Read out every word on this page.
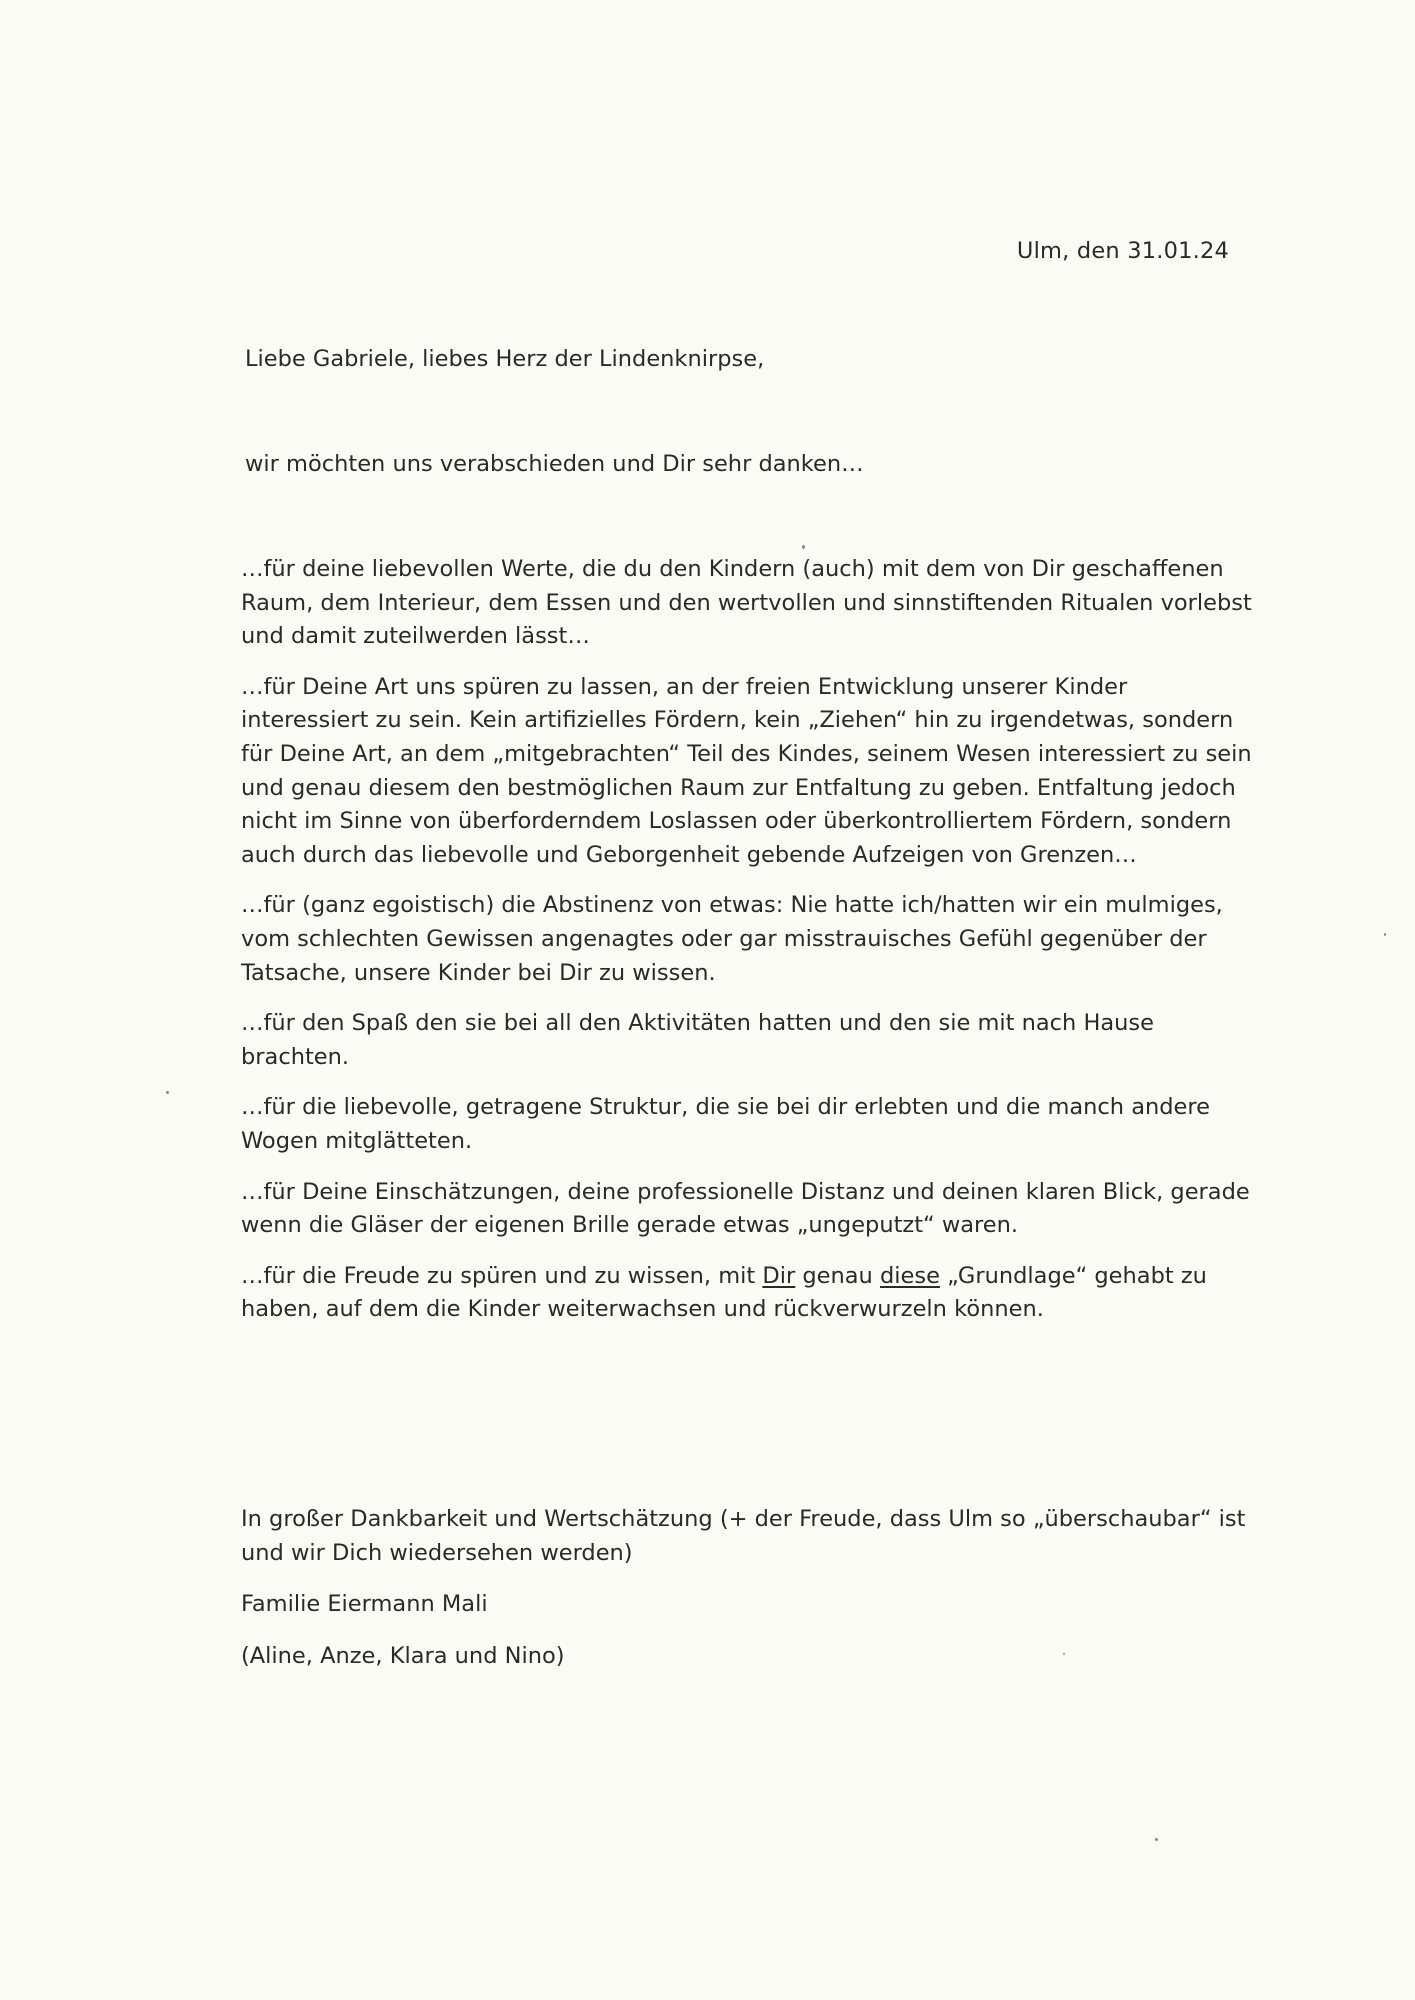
Ulm, den 31.01.24
Liebe Gabriele, liebes Herz der Lindenknirpse,
wir möchten uns verabschieden und Dir sehr danken…

…für deine liebevollen Werte, die du den Kindern (auch) mit dem von Dir geschaffenen Raum, dem Interieur, dem Essen und den wertvollen und sinnstiftenden Ritualen vorlebst und damit zuteilwerden lässt…

…für Deine Art uns spüren zu lassen, an der freien Entwicklung unserer Kinder interessiert zu sein. Kein artifizielles Fördern, kein „Ziehen“ hin zu irgendetwas, sondern für Deine Art, an dem „mitgebrachten“ Teil des Kindes, seinem Wesen interessiert zu sein und genau diesem den bestmöglichen Raum zur Entfaltung zu geben. Entfaltung jedoch nicht im Sinne von überforderndem Loslassen oder überkontrolliertem Fördern, sondern auch durch das liebevolle und Geborgenheit gebende Aufzeigen von Grenzen…

…für (ganz egoistisch) die Abstinenz von etwas: Nie hatte ich/hatten wir ein mulmiges, vom schlechten Gewissen angenagtes oder gar misstrauisches Gefühl gegenüber der Tatsache, unsere Kinder bei Dir zu wissen.

…für den Spaß den sie bei all den Aktivitäten hatten und den sie mit nach Hause brachten.

…für die liebevolle, getragene Struktur, die sie bei dir erlebten und die manch andere Wogen mitglätteten.

…für Deine Einschätzungen, deine professionelle Distanz und deinen klaren Blick, gerade wenn die Gläser der eigenen Brille gerade etwas „ungeputzt“ waren.

…für die Freude zu spüren und zu wissen, mit Dir genau diese „Grundlage“ gehabt zu haben, auf dem die Kinder weiterwachsen und rückverwurzeln können.

In großer Dankbarkeit und Wertschätzung (+ der Freude, dass Ulm so „überschaubar“ ist und wir Dich wiedersehen werden)

Familie Eiermann Mali

(Aline, Anze, Klara und Nino)
